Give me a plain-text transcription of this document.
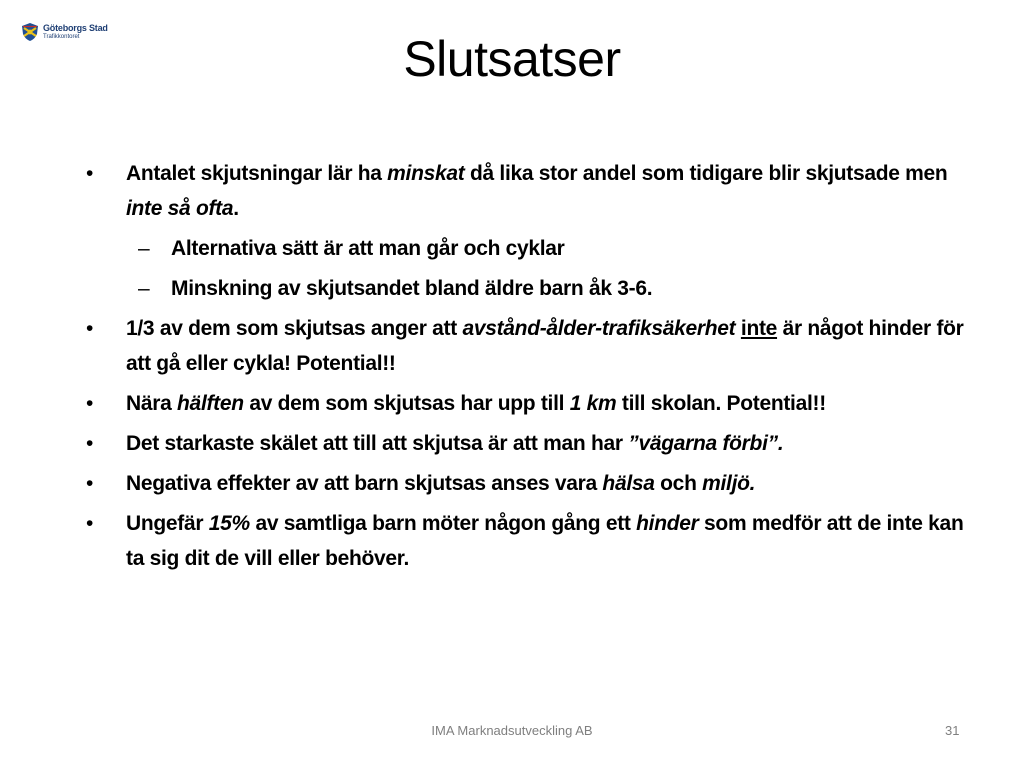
Göteborgs Stad
Trafikkontoret	Slutsatser
• Antalet skjutsningar lär ha minskat då lika stor andel som tidigare blir skjutsade men inte så ofta.
– Alternativa sätt är att man går och cyklar
– Minskning av skjutsandet bland äldre barn åk 3-6.
• 1/3 av dem som skjutsas anger att avstånd-ålder-trafiksäkerhet inte är något hinder för att gå eller cykla! Potential!!
• Nära hälften av dem som skjutsas har upp till 1 km till skolan. Potential!!
• Det starkaste skälet att till att skjutsa är att man har ”vägarna förbi”.
• Negativa effekter av att barn skjutsas anses vara hälsa och miljö.
• Ungefär 15% av samtliga barn möter någon gång ett hinder som medför att de inte kan ta sig dit de vill eller behöver.
IMA Marknadsutveckling AB	31
